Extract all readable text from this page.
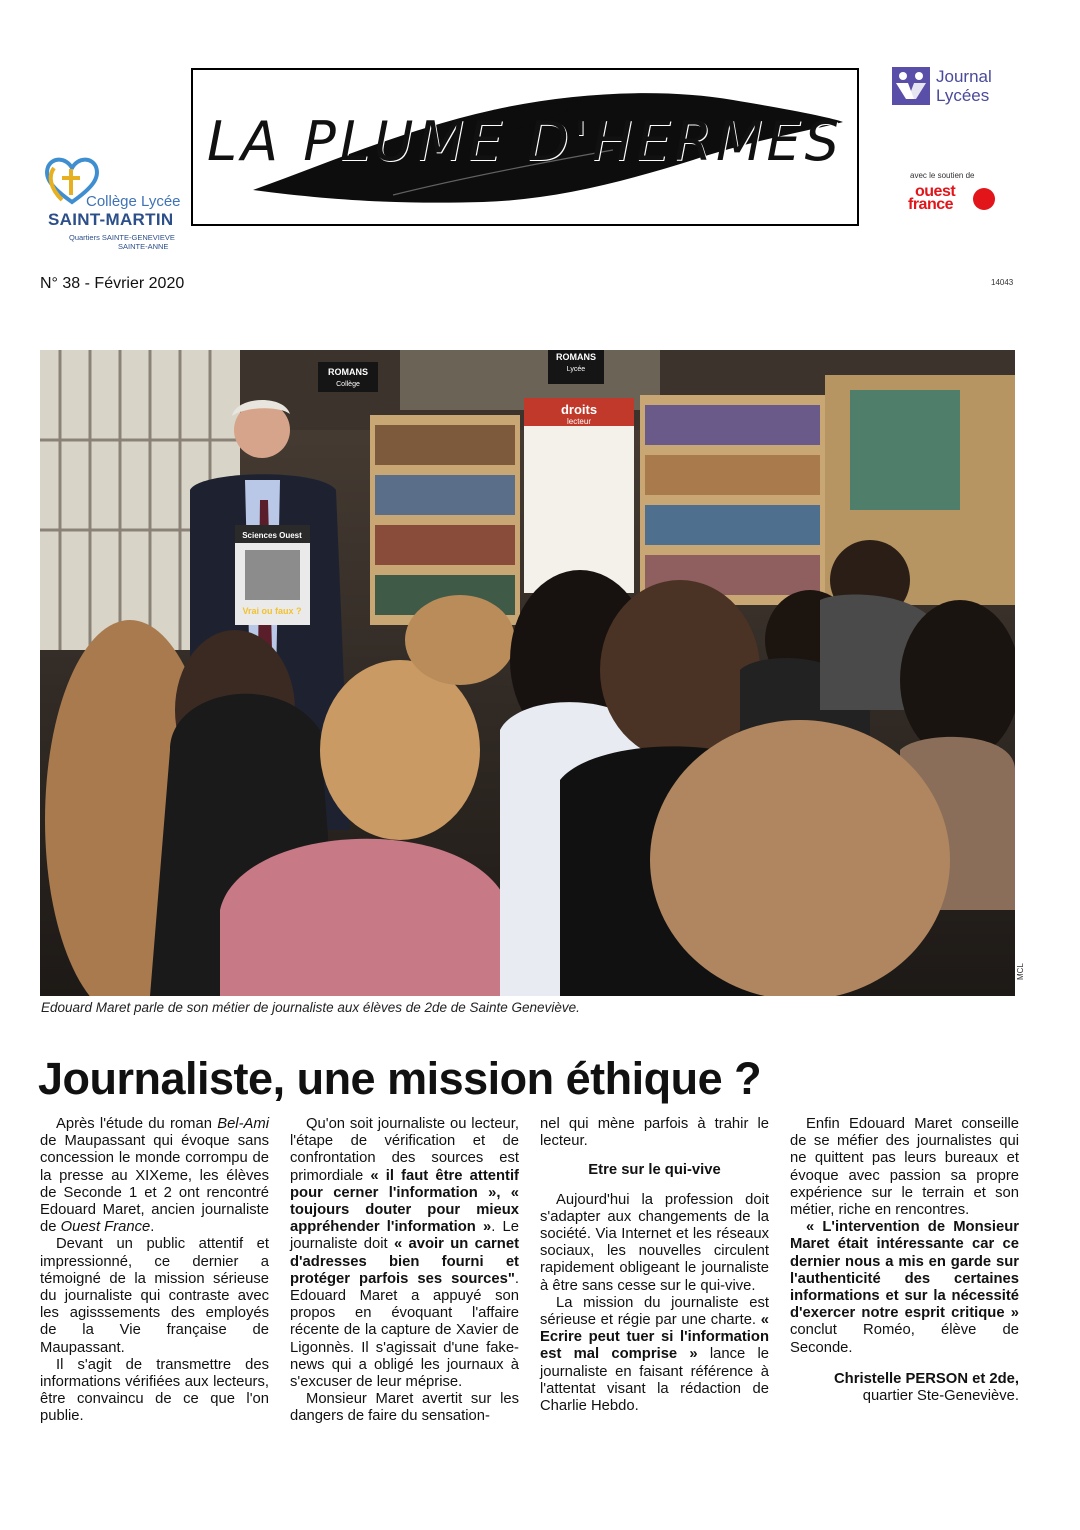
Collège Lycée
SAINT-MARTIN
Quartiers SAINTE-GENEVIEVE
SAINTE-ANNE
LA PLUME D'HERMES
Journal
Lycées
avec le soutien de
ouest
france
N° 38 - Février 2020	14043
droits
lecteur
ROMANS
Collège
ROMANS
Lycée
Sciences Ouest
Vrai ou faux ?
MCL
Edouard Maret parle de son métier de journaliste aux élèves de 2de de Sainte Geneviève.
Journaliste, une mission éthique ?

Après l'étude du roman Bel-Ami de Maupassant qui évoque sans concession le monde corrompu de la presse au XIXeme, les élèves de Seconde 1 et 2 ont rencontré Edouard Maret, ancien journaliste de Ouest France.

Devant un public attentif et impressionné, ce dernier a témoigné de la mission sérieuse du journaliste qui contraste avec les agisssements des employés de la Vie française de Maupassant.

Il s'agit de transmettre des informations vérifiées aux lecteurs, être convaincu de ce que l'on publie.

Qu'on soit journaliste ou lecteur, l'étape de vérification et de confrontation des sources est primordiale « il faut être attentif pour cerner l'information », « toujours douter pour mieux appréhender l'information ». Le journaliste doit « avoir un carnet d'adresses bien fourni et protéger parfois ses sources". Edouard Maret a appuyé son propos en évoquant l'affaire récente de la capture de Xavier de Ligonnès. Il s'agissait d'une fake-news qui a obligé les journaux à s'excuser de leur méprise.

Monsieur Maret avertit sur les dangers de faire du sensation-

nel qui mène parfois à trahir le lecteur.

Etre sur le qui-vive

Aujourd'hui la profession doit s'adapter aux changements de la société. Via Internet et les réseaux sociaux, les nouvelles circulent rapidement obligeant le journaliste à être sans cesse sur le qui-vive.

La mission du journaliste est sérieuse et régie par une charte. « Ecrire peut tuer si l'information est mal comprise » lance le journaliste en faisant référence à l'attentat visant la rédaction de Charlie Hebdo.

Enfin Edouard Maret conseille de se méfier des journalistes qui ne quittent pas leurs bureaux et évoque avec passion sa propre expérience sur le terrain et son métier, riche en rencontres.

« L'intervention de Monsieur Maret était intéressante car ce dernier nous a mis en garde sur l'authenticité des certaines informations et sur la nécessité d'exercer notre esprit critique » conclut Roméo, élève de Seconde.

Christelle PERSON et 2de,

quartier Ste-Geneviève.
